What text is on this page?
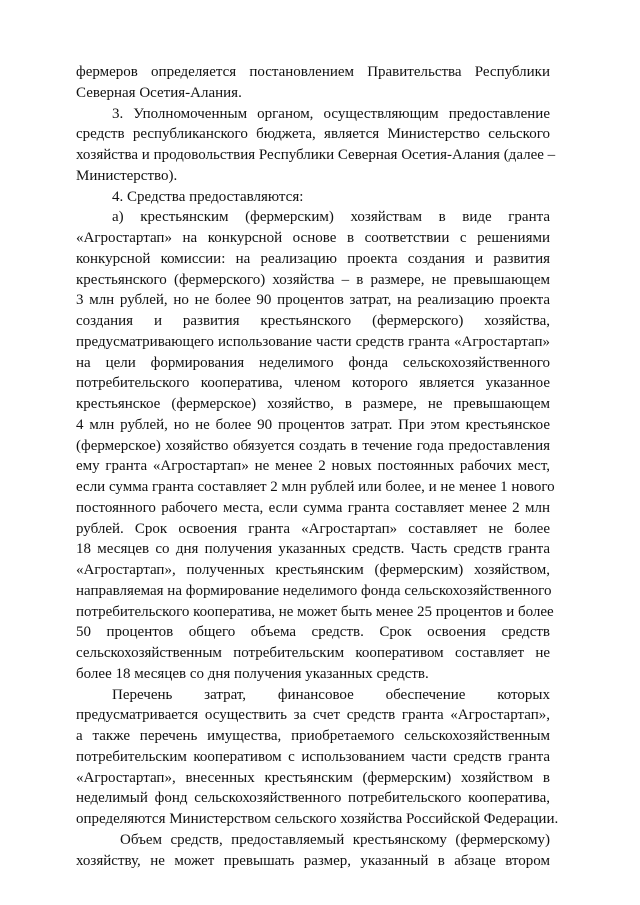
фермеров определяется постановлением Правительства Республики
Северная Осетия-Алания.
3. Уполномоченным органом, осуществляющим предоставление
средств республиканского бюджета, является Министерство сельского
хозяйства и продовольствия Республики Северная Осетия-Алания (далее –
Министерство).
4. Средства предоставляются:
а) крестьянским (фермерским) хозяйствам в виде гранта
«Агростартап» на конкурсной основе в соответствии с решениями
конкурсной комиссии: на реализацию проекта создания и развития
крестьянского (фермерского) хозяйства – в размере, не превышающем
3 млн рублей, но не более 90 процентов затрат, на реализацию проекта
создания и развития крестьянского (фермерского) хозяйства,
предусматривающего использование части средств гранта «Агростартап»
на цели формирования неделимого фонда сельскохозяйственного
потребительского кооператива, членом которого является указанное
крестьянское (фермерское) хозяйство, в размере, не превышающем
4 млн рублей, но не более 90 процентов затрат. При этом крестьянское
(фермерское) хозяйство обязуется создать в течение года предоставления
ему гранта «Агростартап» не менее 2 новых постоянных рабочих мест,
если сумма гранта составляет 2 млн рублей или более, и не менее 1 нового
постоянного рабочего места, если сумма гранта составляет менее 2 млн
рублей. Срок освоения гранта «Агростартап» составляет не более
18 месяцев со дня получения указанных средств. Часть средств гранта
«Агростартап», полученных крестьянским (фермерским) хозяйством,
направляемая на формирование неделимого фонда сельскохозяйственного
потребительского кооператива, не может быть менее 25 процентов и более
50 процентов общего объема средств. Срок освоения средств
сельскохозяйственным потребительским кооперативом составляет не
более 18 месяцев со дня получения указанных средств.
Перечень затрат, финансовое обеспечение которых
предусматривается осуществить за счет средств гранта «Агростартап»,
а также перечень имущества, приобретаемого сельскохозяйственным
потребительским кооперативом с использованием части средств гранта
«Агростартап», внесенных крестьянским (фермерским) хозяйством в
неделимый фонд сельскохозяйственного потребительского кооператива,
определяются Министерством сельского хозяйства Российской Федерации.
Объем средств, предоставляемый крестьянскому (фермерскому)
хозяйству, не может превышать размер, указанный в абзаце втором
